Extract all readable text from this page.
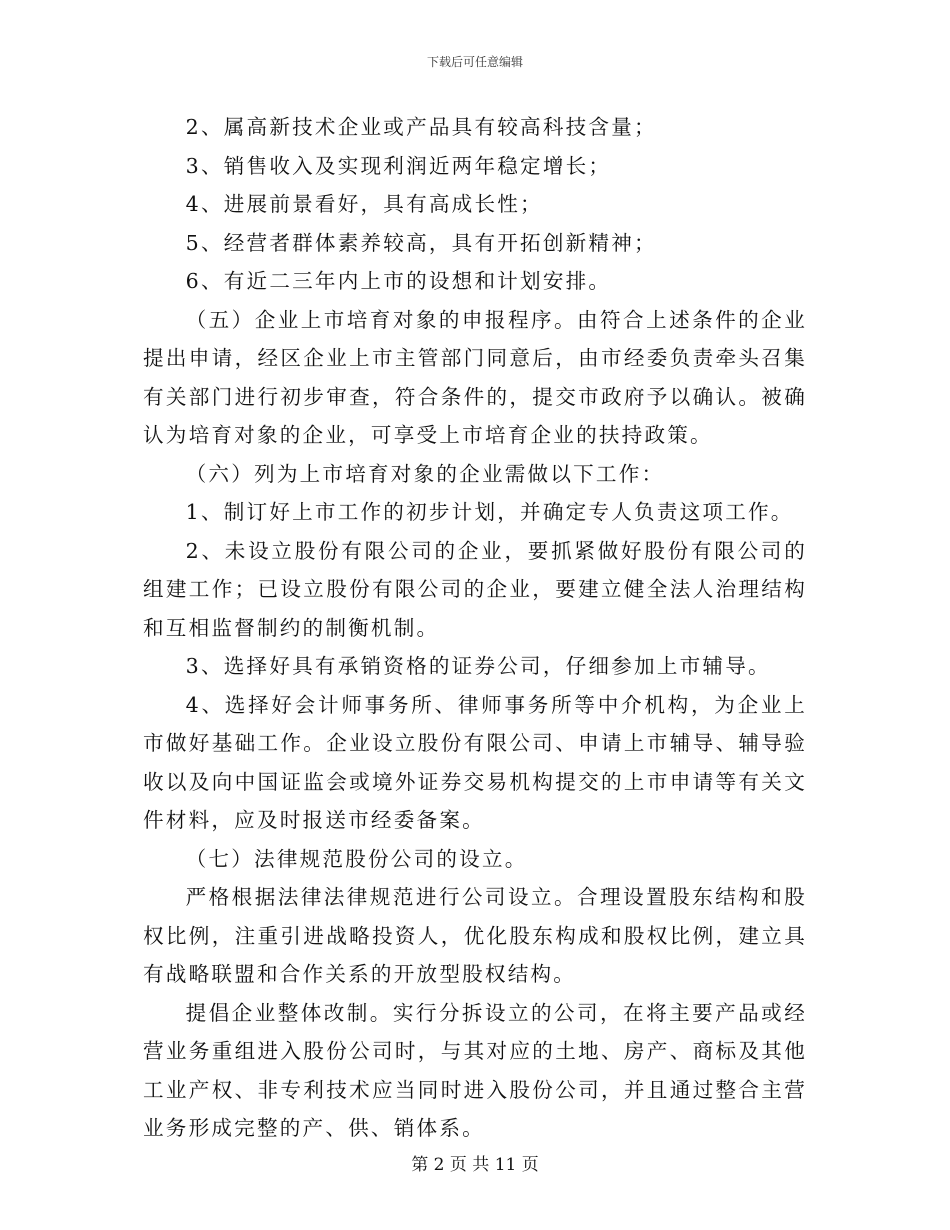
下载后可任意编辑

2、属高新技术企业或产品具有较高科技含量；

3、销售收入及实现利润近两年稳定增长；

4、进展前景看好，具有高成长性；

5、经营者群体素养较高，具有开拓创新精神；

6、有近二三年内上市的设想和计划安排。

（五）企业上市培育对象的申报程序。由符合上述条件的企业提出申请，经区企业上市主管部门同意后，由市经委负责牵头召集有关部门进行初步审查，符合条件的，提交市政府予以确认。被确认为培育对象的企业，可享受上市培育企业的扶持政策。

（六）列为上市培育对象的企业需做以下工作：

1、制订好上市工作的初步计划，并确定专人负责这项工作。

2、未设立股份有限公司的企业，要抓紧做好股份有限公司的组建工作；已设立股份有限公司的企业，要建立健全法人治理结构和互相监督制约的制衡机制。

3、选择好具有承销资格的证券公司，仔细参加上市辅导。

4、选择好会计师事务所、律师事务所等中介机构，为企业上市做好基础工作。企业设立股份有限公司、申请上市辅导、辅导验收以及向中国证监会或境外证券交易机构提交的上市申请等有关文件材料，应及时报送市经委备案。

（七）法律规范股份公司的设立。

严格根据法律法律规范进行公司设立。合理设置股东结构和股权比例，注重引进战略投资人，优化股东构成和股权比例，建立具有战略联盟和合作关系的开放型股权结构。

提倡企业整体改制。实行分拆设立的公司，在将主要产品或经营业务重组进入股份公司时，与其对应的土地、房产、商标及其他工业产权、非专利技术应当同时进入股份公司，并且通过整合主营业务形成完整的产、供、销体系。

第 2 页 共 11 页
